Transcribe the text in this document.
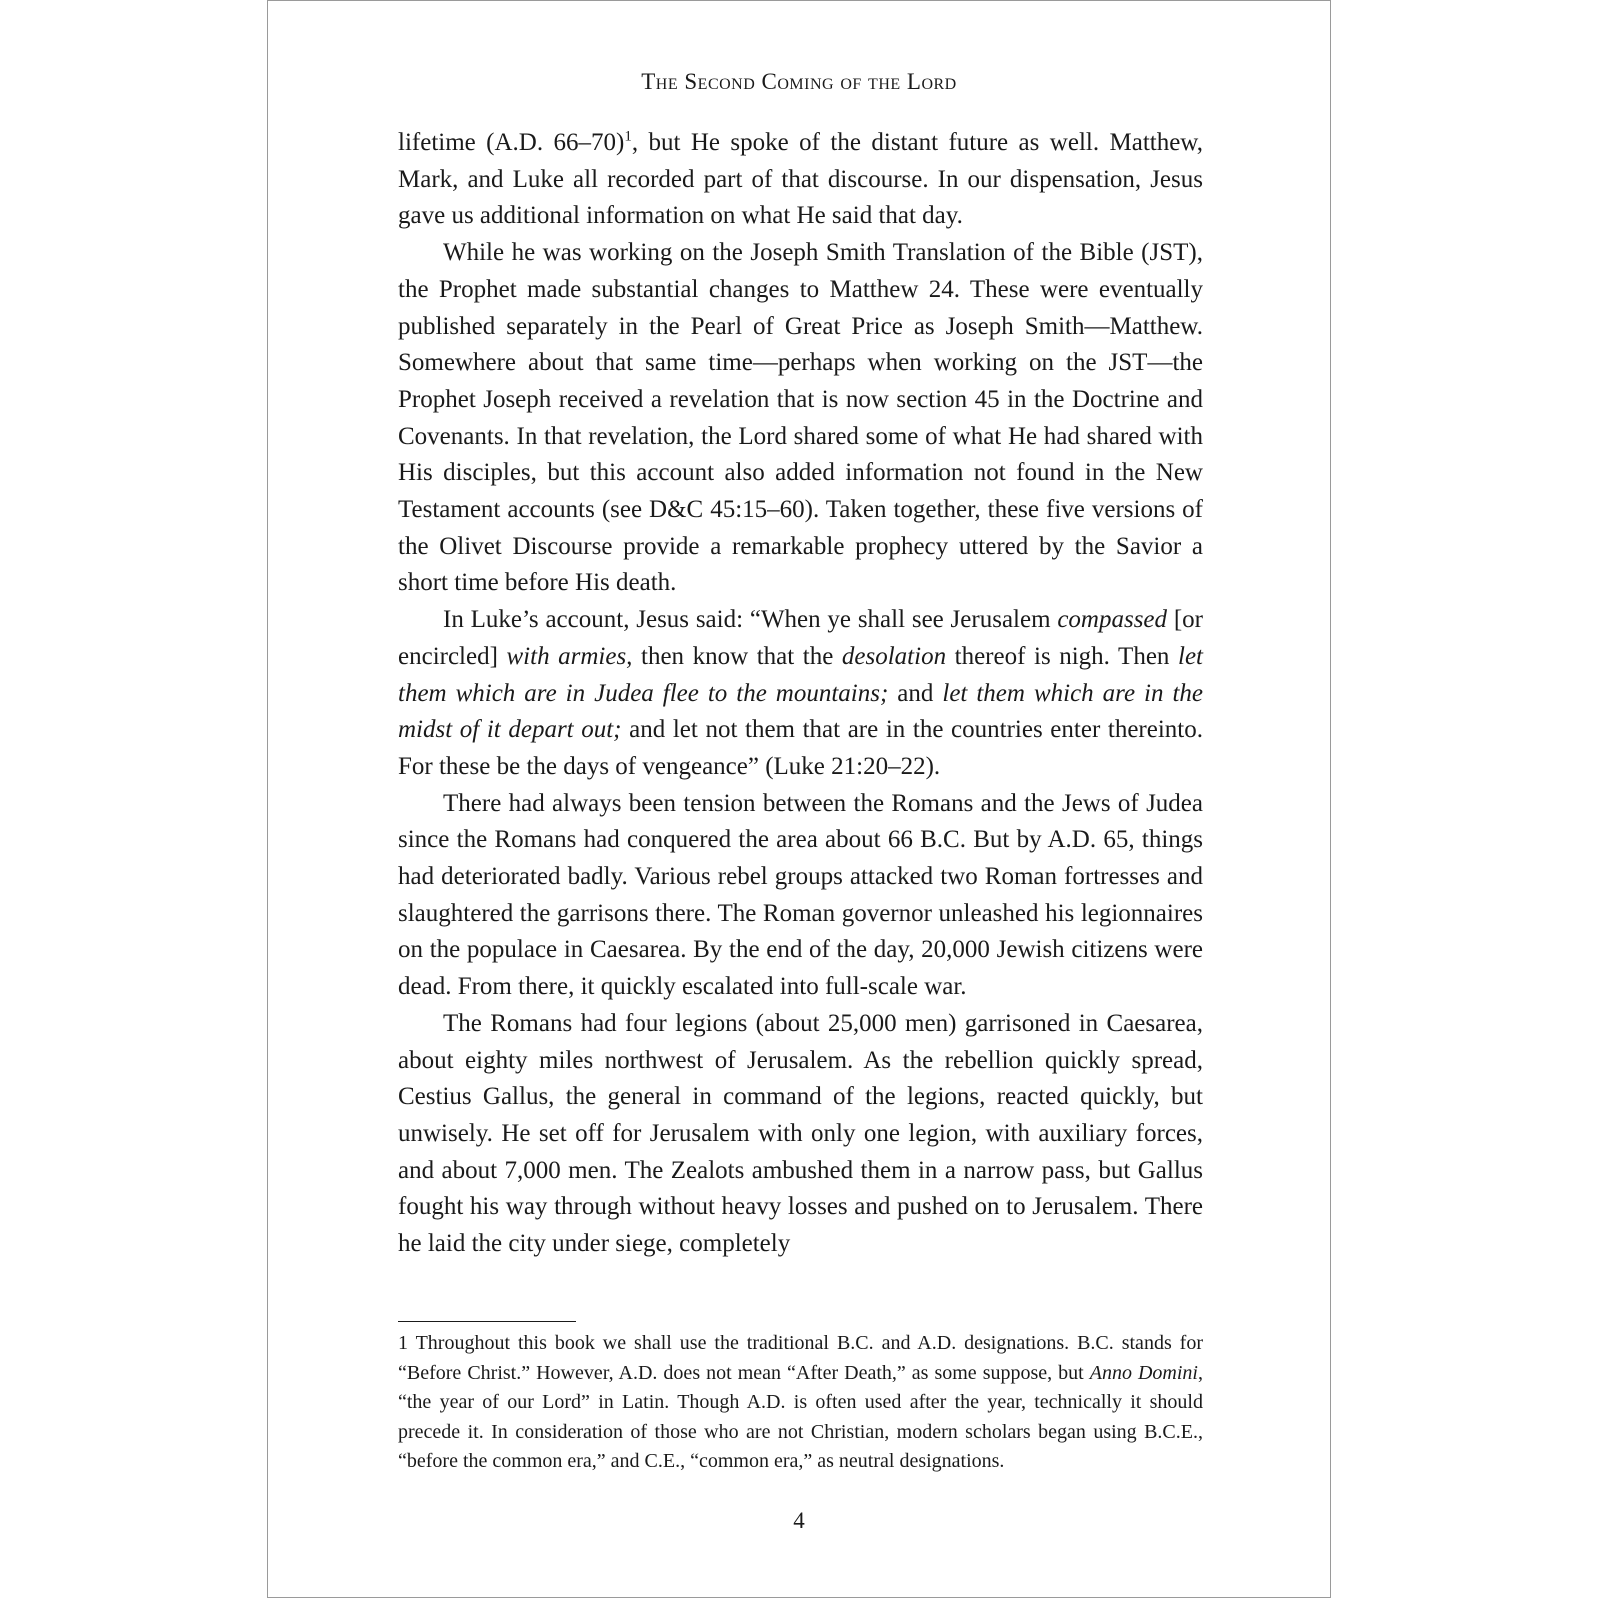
The Second Coming of the Lord

lifetime (A.D. 66–70)$^1$, but He spoke of the distant future as well. Matthew, Mark, and Luke all recorded part of that discourse. In our dispensation, Jesus gave us additional information on what He said that day.

While he was working on the Joseph Smith Translation of the Bible (JST), the Prophet made substantial changes to Matthew 24. These were eventually published separately in the Pearl of Great Price as Joseph Smith—Matthew. Somewhere about that same time—perhaps when working on the JST—the Prophet Joseph received a revelation that is now section 45 in the Doctrine and Covenants. In that revelation, the Lord shared some of what He had shared with His disciples, but this account also added information not found in the New Testament accounts (see D&C 45:15–60). Taken together, these five versions of the Olivet Discourse provide a remarkable prophecy uttered by the Savior a short time before His death.

In Luke’s account, Jesus said: “When ye shall see Jerusalem compassed [or encircled] with armies, then know that the desolation thereof is nigh. Then let them which are in Judea flee to the mountains; and let them which are in the midst of it depart out; and let not them that are in the countries enter thereinto. For these be the days of vengeance” (Luke 21:20–22).

There had always been tension between the Romans and the Jews of Judea since the Romans had conquered the area about 66 B.C. But by A.D. 65, things had deteriorated badly. Various rebel groups attacked two Roman fortresses and slaughtered the garrisons there. The Roman governor unleashed his legionnaires on the populace in Caesarea. By the end of the day, 20,000 Jewish citizens were dead. From there, it quickly escalated into full-scale war.

The Romans had four legions (about 25,000 men) garrisoned in Caesarea, about eighty miles northwest of Jerusalem. As the rebellion quickly spread, Cestius Gallus, the general in command of the legions, reacted quickly, but unwisely. He set off for Jerusalem with only one legion, with auxiliary forces, and about 7,000 men. The Zealots ambushed them in a narrow pass, but Gallus fought his way through without heavy losses and pushed on to Jerusalem. There he laid the city under siege, completely

1 Throughout this book we shall use the traditional B.C. and A.D. designations. B.C. stands for “Before Christ.” However, A.D. does not mean “After Death,” as some suppose, but Anno Domini, “the year of our Lord” in Latin. Though A.D. is often used after the year, technically it should precede it. In consideration of those who are not Christian, modern scholars began using B.C.E., “before the common era,” and C.E., “common era,” as neutral designations.

4
